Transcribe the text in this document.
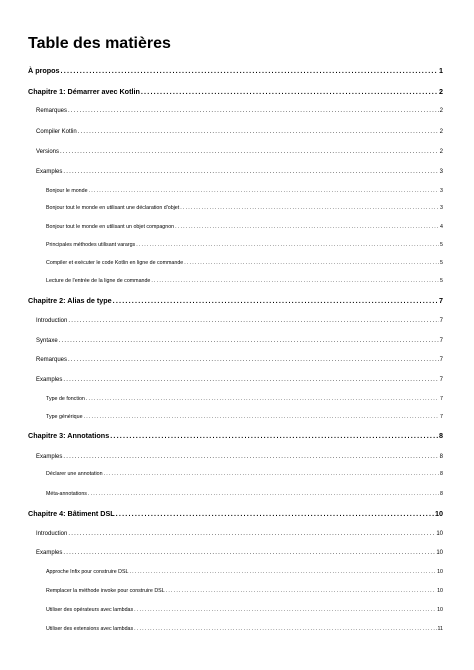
Table des matières
À propos .....	1
Chapitre 1: Démarrer avec Kotlin .....	2
Remarques .....	2
Compiler Kotlin .....	2
Versions .....	2
Examples .....	3
Bonjour le monde .....	3
Bonjour tout le monde en utilisant une déclaration d'objet .....	3
Bonjour tout le monde en utilisant un objet compagnon .....	4
Principales méthodes utilisant varargs .....	5
Compiler et exécuter le code Kotlin en ligne de commande .....	5
Lecture de l'entrée de la ligne de commande .....	5
Chapitre 2: Alias de type .....	7
Introduction .....	7
Syntaxe .....	7
Remarques .....	7
Examples .....	7
Type de fonction .....	7
Type générique .....	7
Chapitre 3: Annotations .....	8
Examples .....	8
Déclarer une annotation .....	8
Méta-annotations .....	8
Chapitre 4: Bâtiment DSL .....	10
Introduction .....	10
Examples .....	10
Approche Infix pour construire DSL .....	10
Remplacer la méthode invoke pour construire DSL .....	10
Utiliser des opérateurs avec lambdas .....	10
Utiliser des extensions avec lambdas .....	11
